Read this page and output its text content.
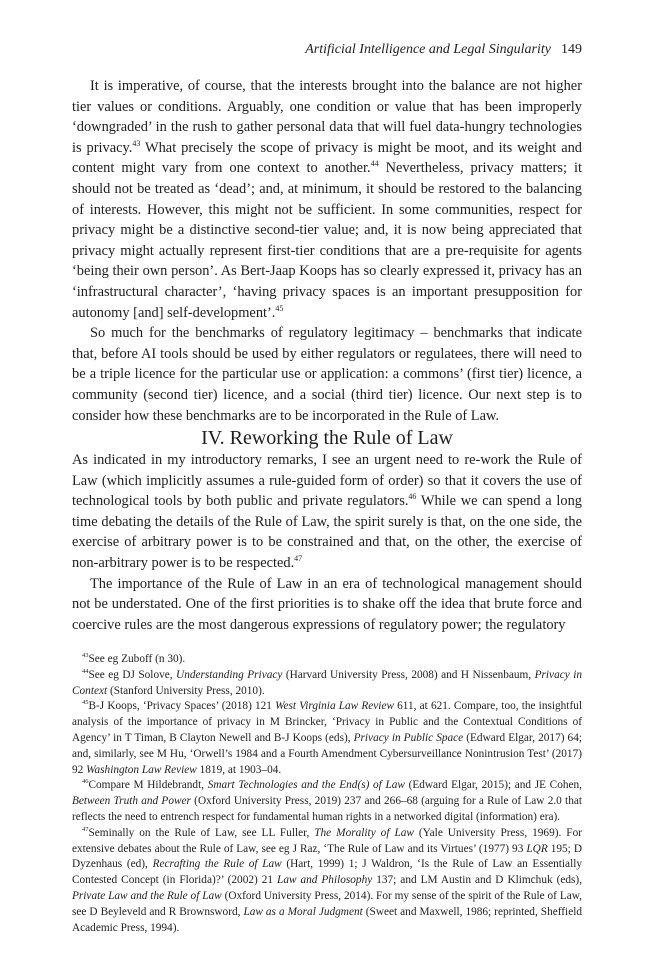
Artificial Intelligence and Legal Singularity 149

It is imperative, of course, that the interests brought into the balance are not higher tier values or conditions. Arguably, one condition or value that has been improperly ‘downgraded’ in the rush to gather personal data that will fuel data-hungry technologies is privacy.$^{43}$ What precisely the scope of privacy is might be moot, and its weight and content might vary from one context to another.$^{44}$ Nevertheless, privacy matters; it should not be treated as ‘dead’; and, at minimum, it should be restored to the balancing of interests. However, this might not be sufficient. In some communities, respect for privacy might be a distinctive second-tier value; and, it is now being appreciated that privacy might actually represent first-tier conditions that are a pre-requisite for agents ‘being their own person’. As Bert-Jaap Koops has so clearly expressed it, privacy has an ‘infrastructural character’, ‘having privacy spaces is an important presupposition for autonomy [and] self-development’.$^{45}$

So much for the benchmarks of regulatory legitimacy – benchmarks that indicate that, before AI tools should be used by either regulators or regulatees, there will need to be a triple licence for the particular use or application: a commons’ (first tier) licence, a community (second tier) licence, and a social (third tier) licence. Our next step is to consider how these benchmarks are to be incorporated in the Rule of Law.

IV. Reworking the Rule of Law

As indicated in my introductory remarks, I see an urgent need to re-work the Rule of Law (which implicitly assumes a rule-guided form of order) so that it covers the use of technological tools by both public and private regulators.$^{46}$ While we can spend a long time debating the details of the Rule of Law, the spirit surely is that, on the one side, the exercise of arbitrary power is to be constrained and that, on the other, the exercise of non-arbitrary power is to be respected.$^{47}$

The importance of the Rule of Law in an era of technological management should not be understated. One of the first priorities is to shake off the idea that brute force and coercive rules are the most dangerous expressions of regulatory power; the regulatory

$^{43}$See eg Zuboff (n 30).

$^{44}$See eg DJ Solove, Understanding Privacy (Harvard University Press, 2008) and H Nissenbaum, Privacy in Context (Stanford University Press, 2010).

$^{45}$B-J Koops, ‘Privacy Spaces’ (2018) 121 West Virginia Law Review 611, at 621. Compare, too, the insightful analysis of the importance of privacy in M Brincker, ‘Privacy in Public and the Contextual Conditions of Agency’ in T Timan, B Clayton Newell and B-J Koops (eds), Privacy in Public Space (Edward Elgar, 2017) 64; and, similarly, see M Hu, ‘Orwell’s 1984 and a Fourth Amendment Cybersurveillance Nonintrusion Test’ (2017) 92 Washington Law Review 1819, at 1903–04.

$^{46}$Compare M Hildebrandt, Smart Technologies and the End(s) of Law (Edward Elgar, 2015); and JE Cohen, Between Truth and Power (Oxford University Press, 2019) 237 and 266–68 (arguing for a Rule of Law 2.0 that reflects the need to entrench respect for fundamental human rights in a networked digital (information) era).

$^{47}$Seminally on the Rule of Law, see LL Fuller, The Morality of Law (Yale University Press, 1969). For extensive debates about the Rule of Law, see eg J Raz, ‘The Rule of Law and its Virtues’ (1977) 93 LQR 195; D Dyzenhaus (ed), Recrafting the Rule of Law (Hart, 1999) 1; J Waldron, ‘Is the Rule of Law an Essentially Contested Concept (in Florida)?’ (2002) 21 Law and Philosophy 137; and LM Austin and D Klimchuk (eds), Private Law and the Rule of Law (Oxford University Press, 2014). For my sense of the spirit of the Rule of Law, see D Beyleveld and R Brownsword, Law as a Moral Judgment (Sweet and Maxwell, 1986; reprinted, Sheffield Academic Press, 1994).
